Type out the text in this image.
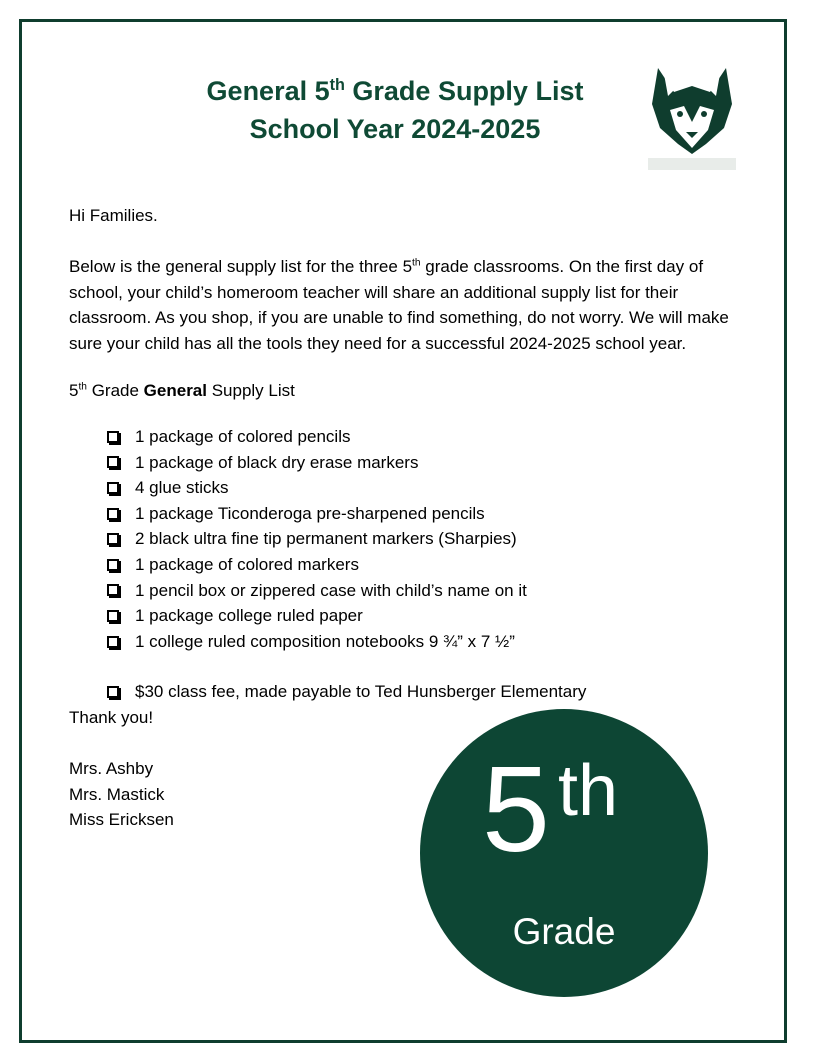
General 5th Grade Supply List
School Year 2024-2025

Hi Families.

Below is the general supply list for the three 5th grade classrooms. On the first day of school, your child’s homeroom teacher will share an additional supply list for their classroom. As you shop, if you are unable to find something, do not worry. We will make sure your child has all the tools they need for a successful 2024-2025 school year.

5th Grade General Supply List

1 package of colored pencils
1 package of black dry erase markers
4 glue sticks
1 package Ticonderoga pre-sharpened pencils
2 black ultra fine tip permanent markers (Sharpies)
1 package of colored markers
1 pencil box or zippered case with child’s name on it
1 package college ruled paper
1 college ruled composition notebooks 9 ¾” x 7 ½”
$30 class fee, made payable to Ted Hunsberger Elementary

Thank you!

Mrs. Ashby
Mrs. Mastick
Miss Ericksen	5 th
Grade
